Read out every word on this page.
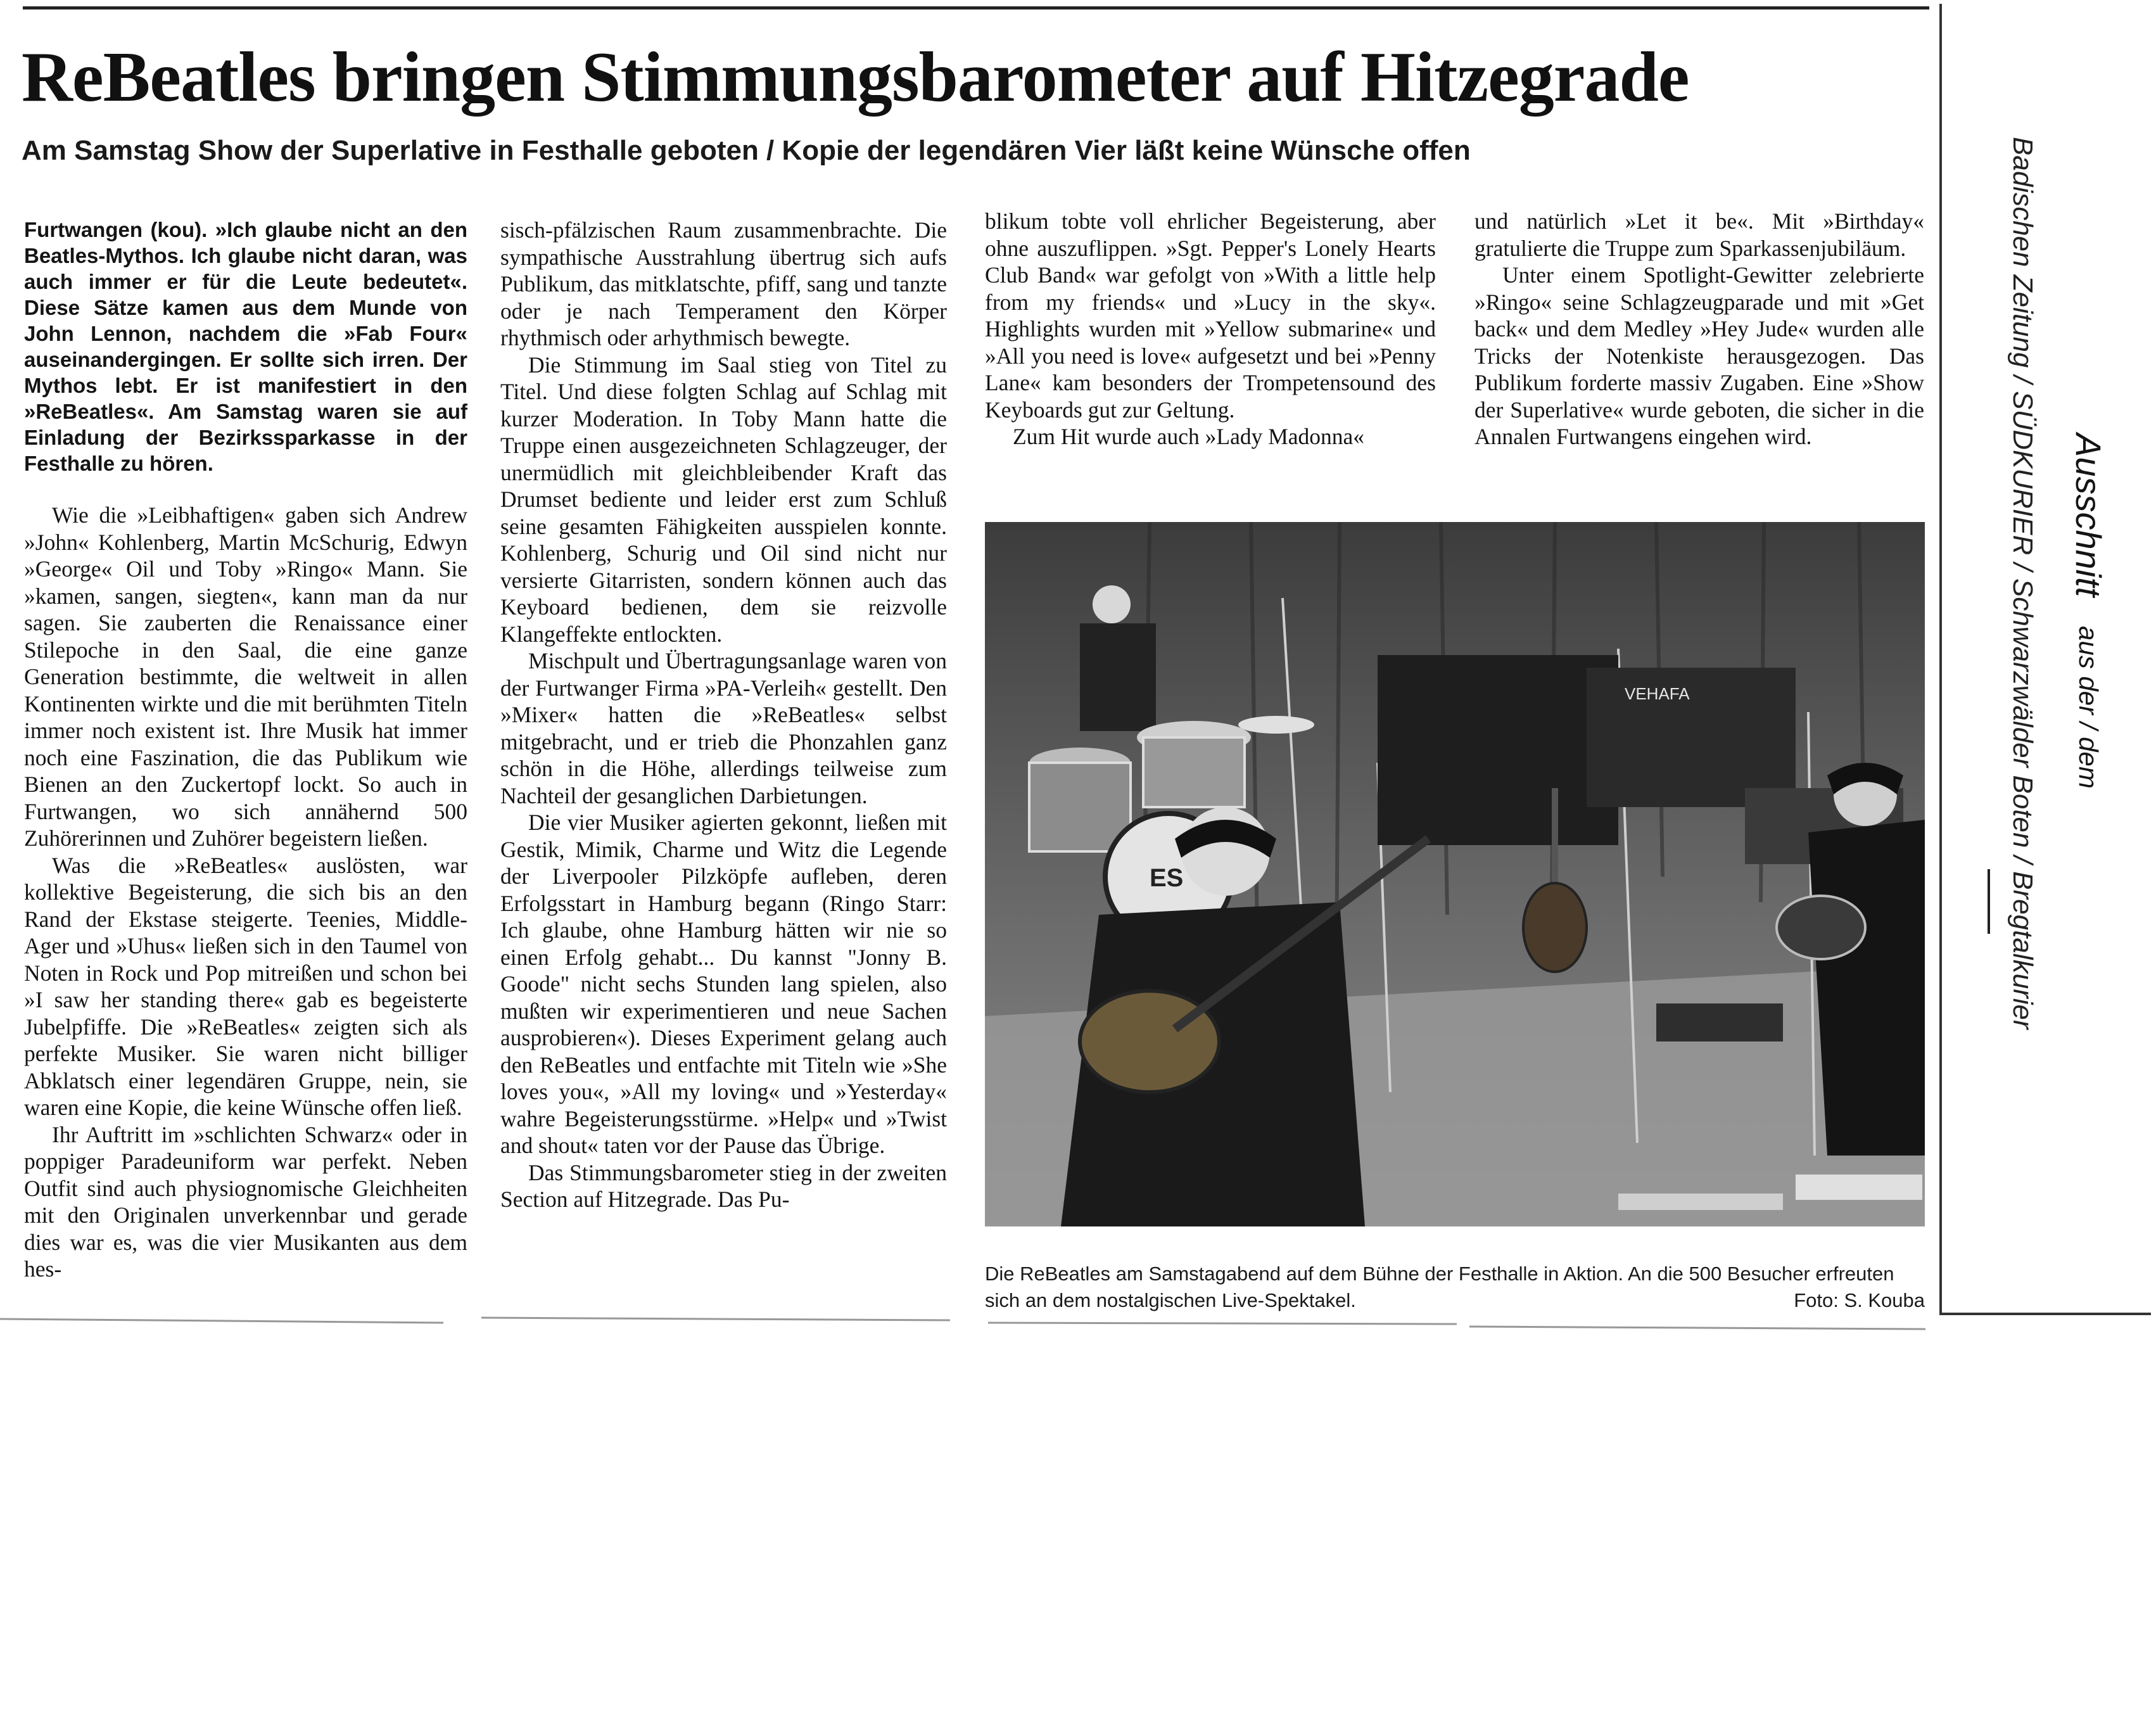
ReBeatles bringen Stimmungsbarometer auf Hitzegrade
Am Samstag Show der Superlative in Festhalle geboten / Kopie der legendären Vier läßt keine Wünsche offen

Furtwangen (kou). »Ich glaube nicht an den Beatles-Mythos. Ich glaube nicht daran, was auch immer er für die Leute bedeutet«. Diese Sätze kamen aus dem Munde von John Lennon, nachdem die »Fab Four« auseinandergingen. Er sollte sich irren. Der Mythos lebt. Er ist manifestiert in den »ReBeatles«. Am Samstag waren sie auf Einladung der Bezirkssparkasse in der Festhalle zu hören.

Wie die »Leibhaftigen« gaben sich Andrew »John« Kohlenberg, Martin McSchurig, Edwyn »George« Oil und Toby »Ringo« Mann. Sie »kamen, sangen, siegten«, kann man da nur sagen. Sie zauberten die Renaissance einer Stilepoche in den Saal, die eine ganze Generation bestimmte, die weltweit in allen Kontinenten wirkte und die mit berühmten Titeln immer noch existent ist. Ihre Musik hat immer noch eine Faszination, die das Publikum wie Bienen an den Zuckertopf lockt. So auch in Furtwangen, wo sich annähernd 500 Zuhörerinnen und Zuhörer begeistern ließen.

Was die »ReBeatles« auslösten, war kollektive Begeisterung, die sich bis an den Rand der Ekstase steigerte. Teenies, Middle-Ager und »Uhus« ließen sich in den Taumel von Noten in Rock und Pop mitreißen und schon bei »I saw her standing there« gab es begeisterte Jubelpfiffe. Die »ReBeatles« zeigten sich als perfekte Musiker. Sie waren nicht billiger Abklatsch einer legendären Gruppe, nein, sie waren eine Kopie, die keine Wünsche offen ließ.

Ihr Auftritt im »schlichten Schwarz« oder in poppiger Paradeuniform war perfekt. Neben Outfit sind auch physiognomische Gleichheiten mit den Originalen unverkennbar und gerade dies war es, was die vier Musikanten aus dem hes-

sisch-pfälzischen Raum zusammenbrachte. Die sympathische Ausstrahlung übertrug sich aufs Publikum, das mitklatschte, pfiff, sang und tanzte oder je nach Temperament den Körper rhythmisch oder arhythmisch bewegte.

Die Stimmung im Saal stieg von Titel zu Titel. Und diese folgten Schlag auf Schlag mit kurzer Moderation. In Toby Mann hatte die Truppe einen ausgezeichneten Schlagzeuger, der unermüdlich mit gleichbleibender Kraft das Drumset bediente und leider erst zum Schluß seine gesamten Fähigkeiten ausspielen konnte. Kohlenberg, Schurig und Oil sind nicht nur versierte Gitarristen, sondern können auch das Keyboard bedienen, dem sie reizvolle Klangeffekte entlockten.

Mischpult und Übertragungsanlage waren von der Furtwanger Firma »PA-Verleih« gestellt. Den »Mixer« hatten die »ReBeatles« selbst mitgebracht, und er trieb die Phonzahlen ganz schön in die Höhe, allerdings teilweise zum Nachteil der gesanglichen Darbietungen.

Die vier Musiker agierten gekonnt, ließen mit Gestik, Mimik, Charme und Witz die Legende der Liverpooler Pilzköpfe aufleben, deren Erfolgsstart in Hamburg begann (Ringo Starr: Ich glaube, ohne Hamburg hätten wir nie so einen Erfolg gehabt... Du kannst "Jonny B. Goode" nicht sechs Stunden lang spielen, also mußten wir experimentieren und neue Sachen ausprobieren«). Dieses Experiment gelang auch den ReBeatles und entfachte mit Titeln wie »She loves you«, »All my loving« und »Yesterday« wahre Begeisterungsstürme. »Help« und »Twist and shout« taten vor der Pause das Übrige.

Das Stimmungsbarometer stieg in der zweiten Section auf Hitzegrade. Das Pu-

blikum tobte voll ehrlicher Begeisterung, aber ohne auszuflippen. »Sgt. Pepper's Lonely Hearts Club Band« war gefolgt von »With a little help from my friends« und »Lucy in the sky«. Highlights wurden mit »Yellow submarine« und »All you need is love« aufgesetzt und bei »Penny Lane« kam besonders der Trompetensound des Keyboards gut zur Geltung.

Zum Hit wurde auch »Lady Madonna«

und natürlich »Let it be«. Mit »Birthday« gratulierte die Truppe zum Sparkassenjubiläum.

Unter einem Spotlight-Gewitter zelebrierte »Ringo« seine Schlagzeugparade und mit »Get back« und dem Medley »Hey Jude« wurden alle Tricks der Notenkiste herausgezogen. Das Publikum forderte massiv Zugaben. Eine »Show der Superlative« wurde geboten, die sicher in die Annalen Furtwangens eingehen wird.

ES
VEHAFA
Die ReBeatles am Samstagabend auf dem Bühne der Festhalle in Aktion. An die 500 Besucher erfreuten sich an dem nostalgischen Live-Spektakel.	Foto: S. Kouba
Ausschnitt aus der / dem
Badischen Zeitung / SÜDKURIER / Schwarzwälder Boten / Bregtalkurier
